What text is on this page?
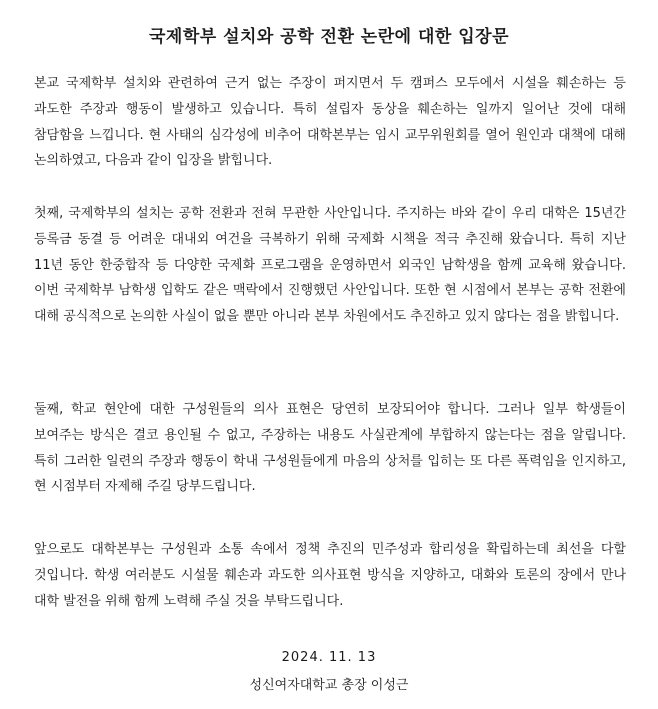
국제학부 설치와 공학 전환 논란에 대한 입장문

본교 국제학부 설치와 관련하여 근거 없는 주장이 퍼지면서 두 캠퍼스 모두에서 시설을 훼손하는 등 과도한 주장과 행동이 발생하고 있습니다. 특히 설립자 동상을 훼손하는 일까지 일어난 것에 대해 참담함을 느낍니다. 현 사태의 심각성에 비추어 대학본부는 임시 교무위원회를 열어 원인과 대책에 대해 논의하였고, 다음과 같이 입장을 밝힙니다.

첫째, 국제학부의 설치는 공학 전환과 전혀 무관한 사안입니다. 주지하는 바와 같이 우리 대학은 15년간 등록금 동결 등 어려운 대내외 여건을 극복하기 위해 국제화 시책을 적극 추진해 왔습니다. 특히 지난 11년 동안 한중합작 등 다양한 국제화 프로그램을 운영하면서 외국인 남학생을 함께 교육해 왔습니다. 이번 국제학부 남학생 입학도 같은 맥락에서 진행했던 사안입니다. 또한 현 시점에서 본부는 공학 전환에 대해 공식적으로 논의한 사실이 없을 뿐만 아니라 본부 차원에서도 추진하고 있지 않다는 점을 밝힙니다.

둘째, 학교 현안에 대한 구성원들의 의사 표현은 당연히 보장되어야 합니다. 그러나 일부 학생들이 보여주는 방식은 결코 용인될 수 없고, 주장하는 내용도 사실관계에 부합하지 않는다는 점을 알립니다. 특히 그러한 일련의 주장과 행동이 학내 구성원들에게 마음의 상처를 입히는 또 다른 폭력임을 인지하고, 현 시점부터 자제해 주길 당부드립니다.

앞으로도 대학본부는 구성원과 소통 속에서 정책 추진의 민주성과 합리성을 확립하는데 최선을 다할 것입니다. 학생 여러분도 시설물 훼손과 과도한 의사표현 방식을 지양하고, 대화와 토론의 장에서 만나 대학 발전을 위해 함께 노력해 주실 것을 부탁드립니다.

2024. 11. 13

성신여자대학교 총장 이성근
